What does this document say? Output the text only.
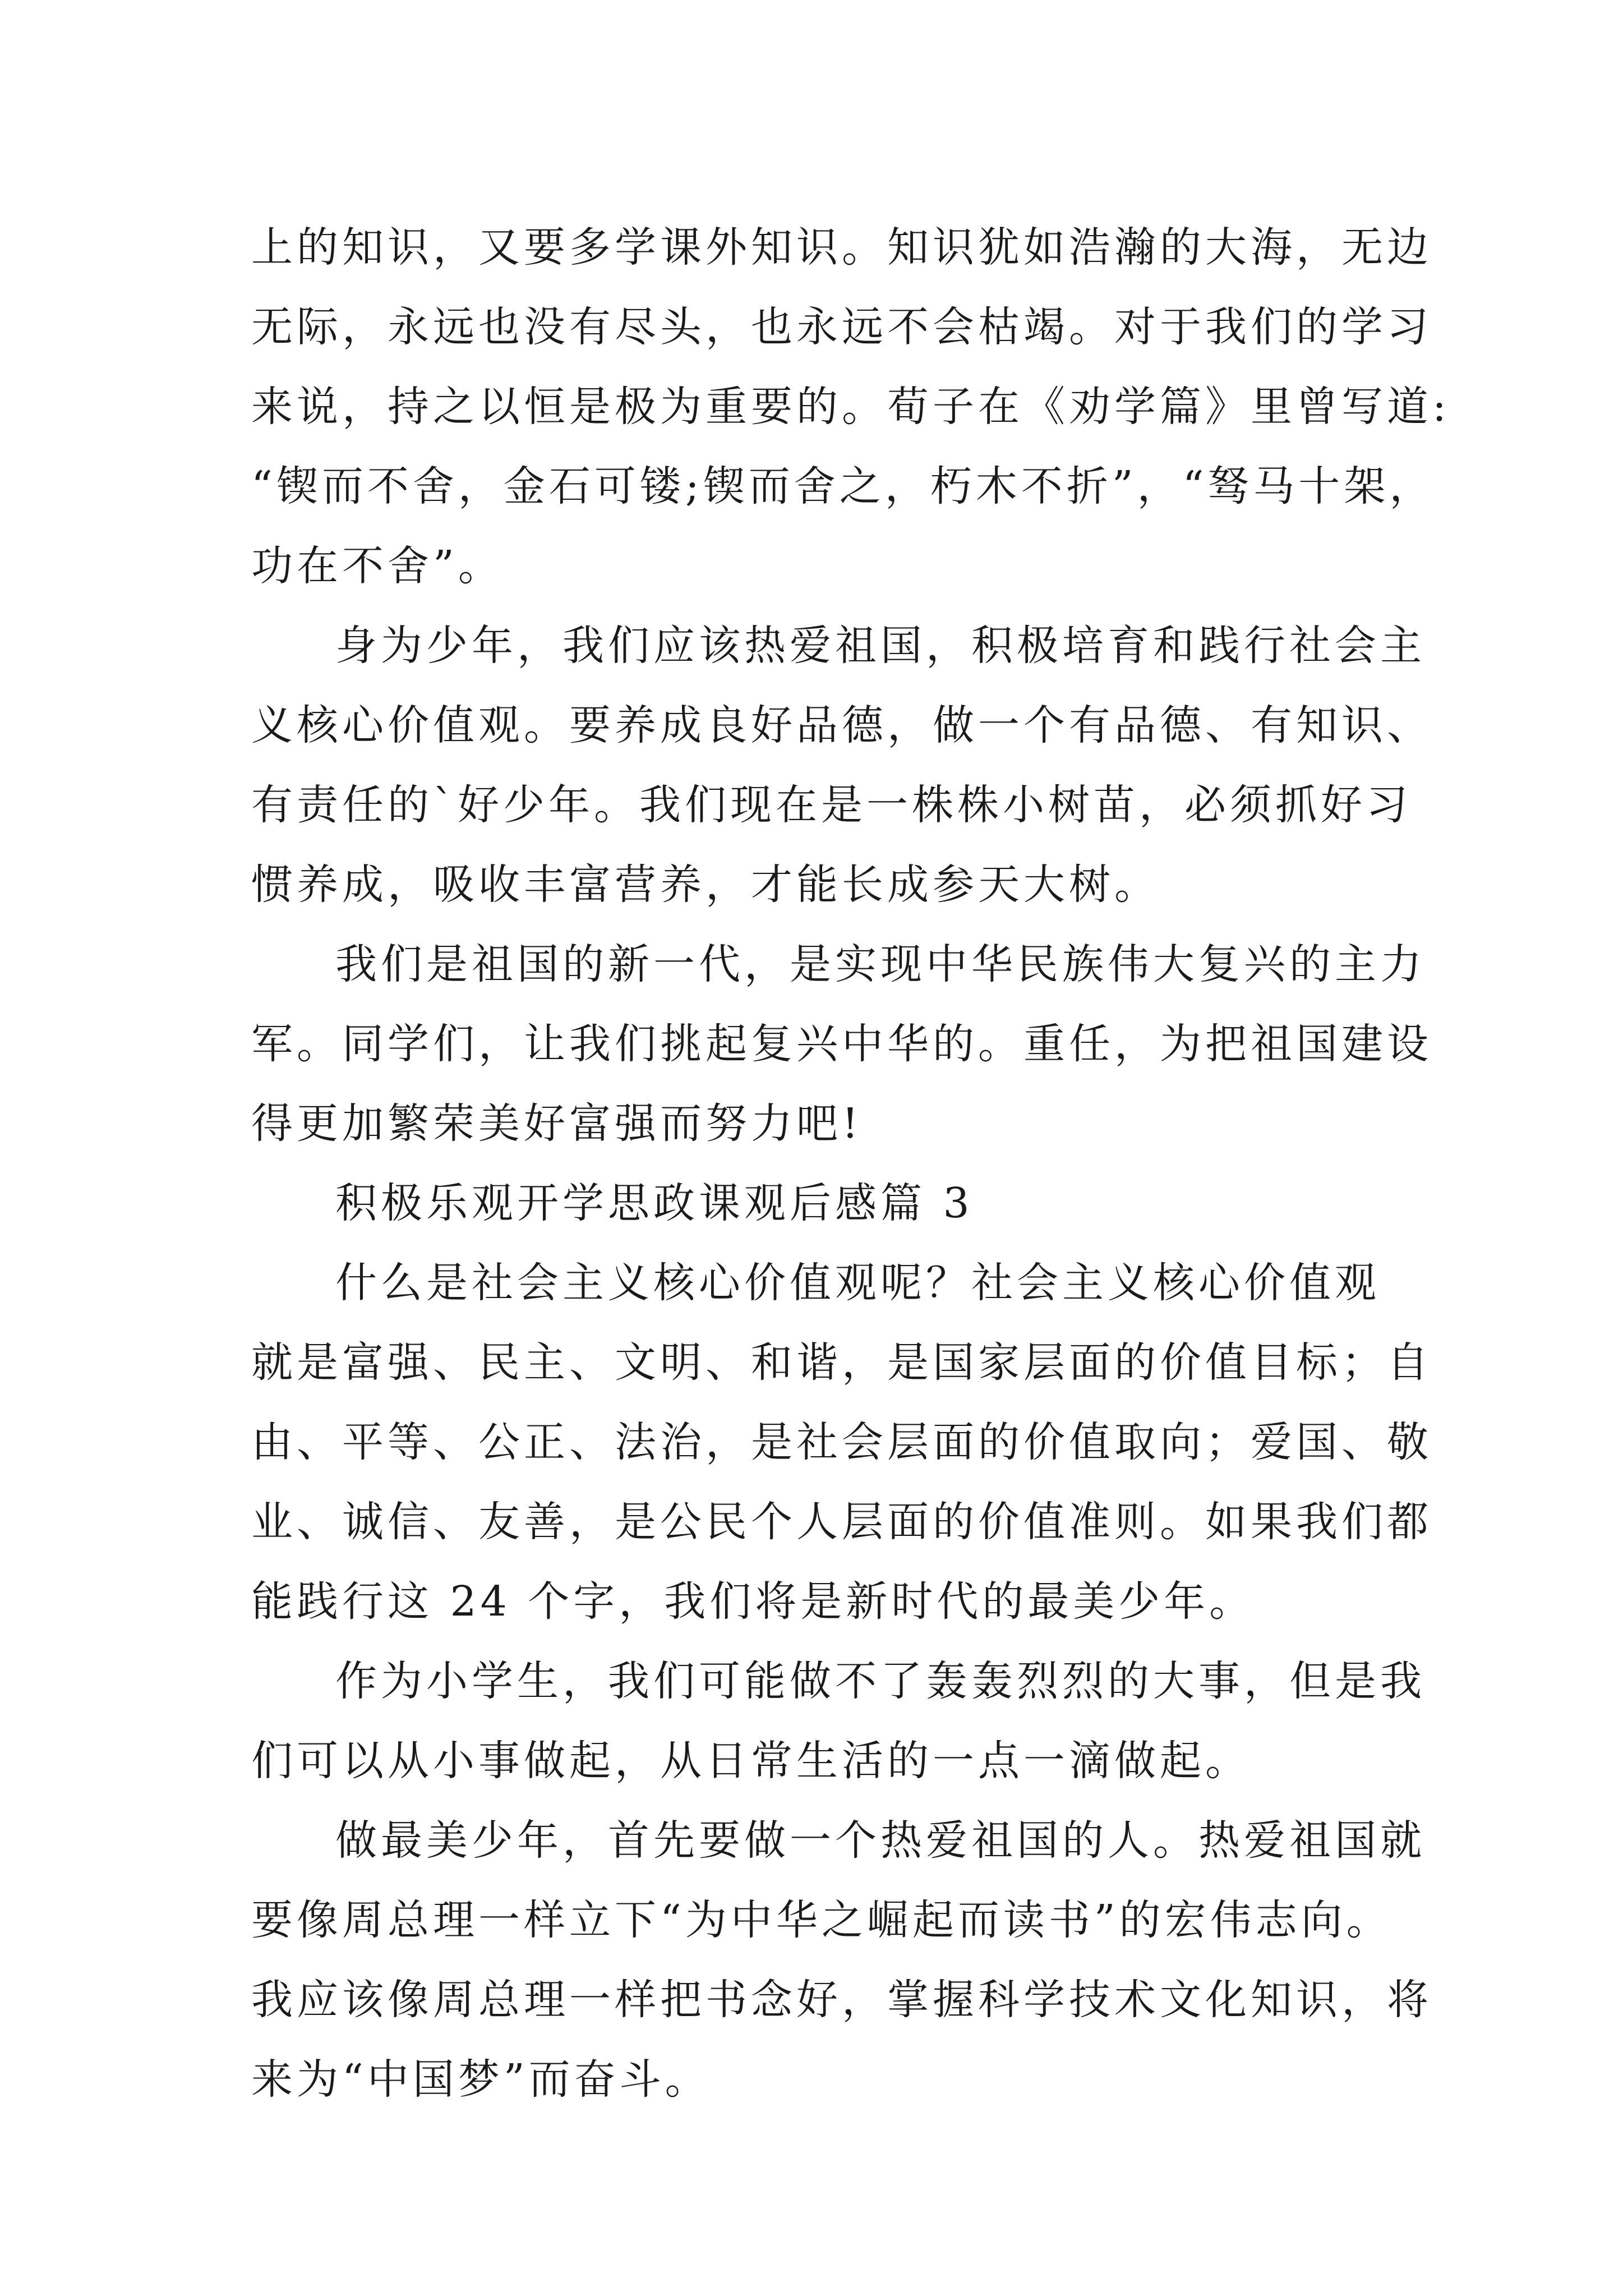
上的知识，又要多学课外知识。知识犹如浩瀚的大海，无边
无际，永远也没有尽头，也永远不会枯竭。对于我们的学习
来说，持之以恒是极为重要的。荀子在《劝学篇》里曾写道:
“锲而不舍，金石可镂;锲而舍之，朽木不折”，“驽马十架，
功在不舍”。
身为少年，我们应该热爱祖国，积极培育和践行社会主
义核心价值观。要养成良好品德，做一个有品德、有知识、
有责任的`好少年。我们现在是一株株小树苗，必须抓好习
惯养成，吸收丰富营养，才能长成参天大树。
我们是祖国的新一代，是实现中华民族伟大复兴的主力
军。同学们，让我们挑起复兴中华的。重任，为把祖国建设
得更加繁荣美好富强而努力吧!
积极乐观开学思政课观后感篇 3
什么是社会主义核心价值观呢？社会主义核心价值观
就是富强、民主、文明、和谐，是国家层面的价值目标；自
由、平等、公正、法治，是社会层面的价值取向；爱国、敬
业、诚信、友善，是公民个人层面的价值准则。如果我们都
能践行这 24 个字，我们将是新时代的最美少年。
作为小学生，我们可能做不了轰轰烈烈的大事，但是我
们可以从小事做起，从日常生活的一点一滴做起。
做最美少年，首先要做一个热爱祖国的人。热爱祖国就
要像周总理一样立下“为中华之崛起而读书”的宏伟志向。
我应该像周总理一样把书念好，掌握科学技术文化知识，将
来为“中国梦”而奋斗。
